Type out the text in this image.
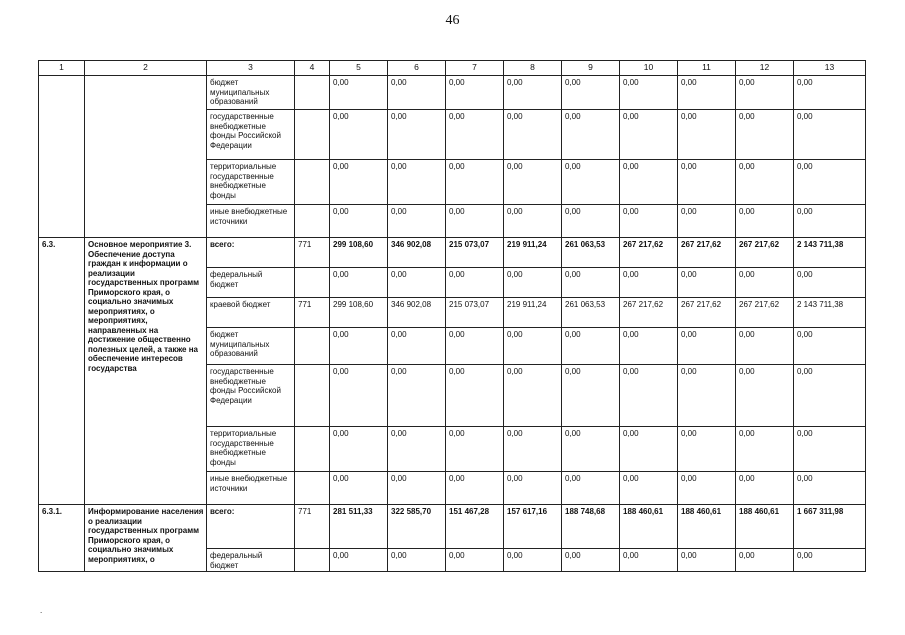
46
1	2	3	4	5	6	7	8	9	10	11	12	13
		бюджет муниципальных образований		0,00	0,00	0,00	0,00	0,00	0,00	0,00	0,00	0,00
		государственные внебюджетные фонды Российской Федерации		0,00	0,00	0,00	0,00	0,00	0,00	0,00	0,00	0,00
		территориальные государственные внебюджетные фонды		0,00	0,00	0,00	0,00	0,00	0,00	0,00	0,00	0,00
		иные внебюджетные источники		0,00	0,00	0,00	0,00	0,00	0,00	0,00	0,00	0,00
6.3.	Основное мероприятие 3. Обеспечение доступа граждан к информации о реализации государственных программ Приморского края, о социально значимых мероприятиях, о мероприятиях, направленных на достижение общественно полезных целей, а также на обеспечение интересов государства	всего:	771	299 108,60	346 902,08	215 073,07	219 911,24	261 063,53	267 217,62	267 217,62	267 217,62	2 143 711,38
		федеральный бюджет		0,00	0,00	0,00	0,00	0,00	0,00	0,00	0,00	0,00
		краевой бюджет	771	299 108,60	346 902,08	215 073,07	219 911,24	261 063,53	267 217,62	267 217,62	267 217,62	2 143 711,38
		бюджет муниципальных образований		0,00	0,00	0,00	0,00	0,00	0,00	0,00	0,00	0,00
		государственные внебюджетные фонды Российской Федерации		0,00	0,00	0,00	0,00	0,00	0,00	0,00	0,00	0,00
		территориальные государственные внебюджетные фонды		0,00	0,00	0,00	0,00	0,00	0,00	0,00	0,00	0,00
		иные внебюджетные источники		0,00	0,00	0,00	0,00	0,00	0,00	0,00	0,00	0,00
6.3.1.	Информирование населения о реализации государственных программ Приморского края, о социально значимых мероприятиях, о	всего:	771	281 511,33	322 585,70	151 467,28	157 617,16	188 748,68	188 460,61	188 460,61	188 460,61	1 667 311,98
		федеральный бюджет		0,00	0,00	0,00	0,00	0,00	0,00	0,00	0,00	0,00
.
